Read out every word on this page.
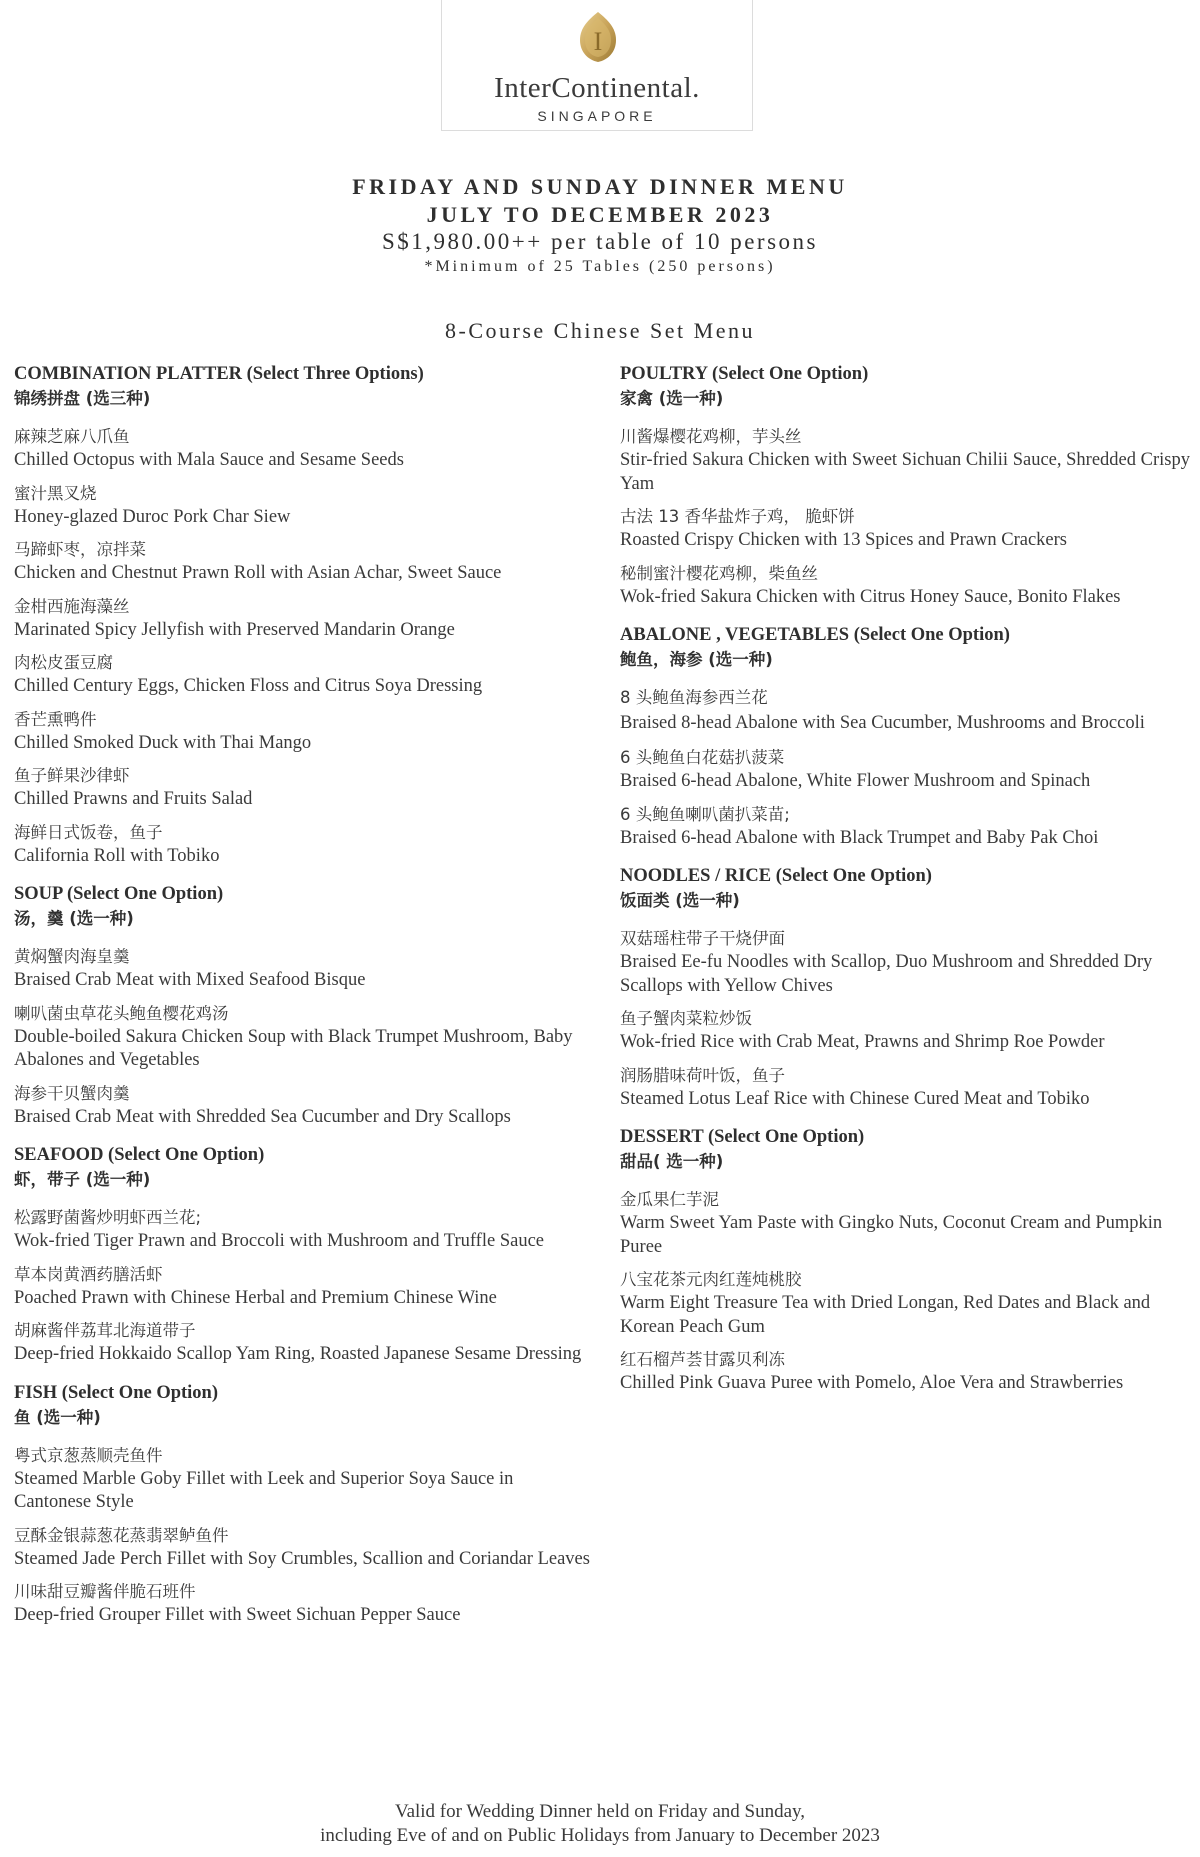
I
InterContinental.
SINGAPORE
FRIDAY AND SUNDAY DINNER MENU
JULY TO DECEMBER 2023
S$1,980.00++ per table of 10 persons
*Minimum of 25 Tables (250 persons)
8-Course Chinese Set Menu
COMBINATION PLATTER (Select Three Options)
锦绣拼盘 (选三种)
麻辣芝麻八爪鱼
Chilled Octopus with Mala Sauce and Sesame Seeds
蜜汁黑叉烧
Honey-glazed Duroc Pork Char Siew
马蹄虾枣，凉拌菜
Chicken and Chestnut Prawn Roll with Asian Achar, Sweet Sauce
金柑西施海藻丝
Marinated Spicy Jellyfish with Preserved Mandarin Orange
肉松皮蛋豆腐
Chilled Century Eggs, Chicken Floss and Citrus Soya Dressing
香芒熏鸭件
Chilled Smoked Duck with Thai Mango
鱼子鲜果沙律虾
Chilled Prawns and Fruits Salad
海鲜日式饭卷，鱼子
California Roll with Tobiko
SOUP (Select One Option)
汤，羹 (选一种)
黄焖蟹肉海皇羹
Braised Crab Meat with Mixed Seafood Bisque
喇叭菌虫草花头鲍鱼樱花鸡汤
Double-boiled Sakura Chicken Soup with Black Trumpet Mushroom, Baby Abalones and Vegetables
海参干贝蟹肉羹
Braised Crab Meat with Shredded Sea Cucumber and Dry Scallops
SEAFOOD (Select One Option)
虾，带子 (选一种)
松露野菌酱炒明虾西兰花;
Wok-fried Tiger Prawn and Broccoli with Mushroom and Truffle Sauce
草本岗黄酒药膳活虾
Poached Prawn with Chinese Herbal and Premium Chinese Wine
胡麻酱伴荔茸北海道带子
Deep-fried Hokkaido Scallop Yam Ring, Roasted Japanese Sesame Dressing
FISH (Select One Option)
鱼 (选一种)
粤式京葱蒸顺壳鱼件
Steamed Marble Goby Fillet with Leek and Superior Soya Sauce in Cantonese Style
豆酥金银蒜葱花蒸翡翠鲈鱼件
Steamed Jade Perch Fillet with Soy Crumbles, Scallion and Coriandar Leaves
川味甜豆瓣酱伴脆石班件
Deep-fried Grouper Fillet with Sweet Sichuan Pepper Sauce
POULTRY (Select One Option)
家禽 (选一种)
川酱爆樱花鸡柳，芋头丝
Stir-fried Sakura Chicken with Sweet Sichuan Chilii Sauce, Shredded Crispy Yam
古法 13 香华盐炸子鸡， 脆虾饼
Roasted Crispy Chicken with 13 Spices and Prawn Crackers
秘制蜜汁樱花鸡柳，柴鱼丝
Wok-fried Sakura Chicken with Citrus Honey Sauce, Bonito Flakes
ABALONE , VEGETABLES (Select One Option)
鲍鱼，海参 (选一种)
8 头鲍鱼海参西兰花
Braised 8-head Abalone with Sea Cucumber, Mushrooms and Broccoli
6 头鲍鱼白花菇扒菠菜
Braised 6-head Abalone, White Flower Mushroom and Spinach
6 头鲍鱼喇叭菌扒菜苗;
Braised 6-head Abalone with Black Trumpet and Baby Pak Choi
NOODLES / RICE (Select One Option)
饭面类 (选一种)
双菇瑶柱带子干烧伊面
Braised Ee-fu Noodles with Scallop, Duo Mushroom and Shredded Dry Scallops with Yellow Chives
鱼子蟹肉菜粒炒饭
Wok-fried Rice with Crab Meat, Prawns and Shrimp Roe Powder
润肠腊味荷叶饭，鱼子
Steamed Lotus Leaf Rice with Chinese Cured Meat and Tobiko
DESSERT (Select One Option)
甜品( 选一种)
金瓜果仁芋泥
Warm Sweet Yam Paste with Gingko Nuts, Coconut Cream and Pumpkin Puree
八宝花茶元肉红莲炖桃胶
Warm Eight Treasure Tea with Dried Longan, Red Dates and Black and Korean Peach Gum
红石榴芦荟甘露贝利冻
Chilled Pink Guava Puree with Pomelo, Aloe Vera and Strawberries
Valid for Wedding Dinner held on Friday and Sunday,
including Eve of and on Public Holidays from January to December 2023
